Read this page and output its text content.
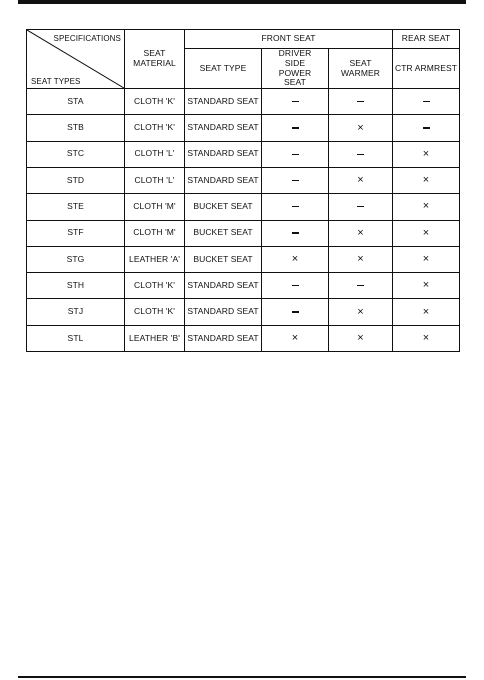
SPECIFICATIONS
SEAT TYPES	SEAT MATERIAL	FRONT SEAT			REAR SEAT
		SEAT TYPE	DRIVER SIDE POWER SEAT	SEAT WARMER	CTR ARMREST
STA	CLOTH 'K'	STANDARD SEAT			
STB	CLOTH 'K'	STANDARD SEAT		×	
STC	CLOTH 'L'	STANDARD SEAT			×
STD	CLOTH 'L'	STANDARD SEAT		×	×
STE	CLOTH 'M'	BUCKET SEAT			×
STF	CLOTH 'M'	BUCKET SEAT		×	×
STG	LEATHER 'A'	BUCKET SEAT	×	×	×
STH	CLOTH 'K'	STANDARD SEAT			×
STJ	CLOTH 'K'	STANDARD SEAT		×	×
STL	LEATHER 'B'	STANDARD SEAT	×	×	×
